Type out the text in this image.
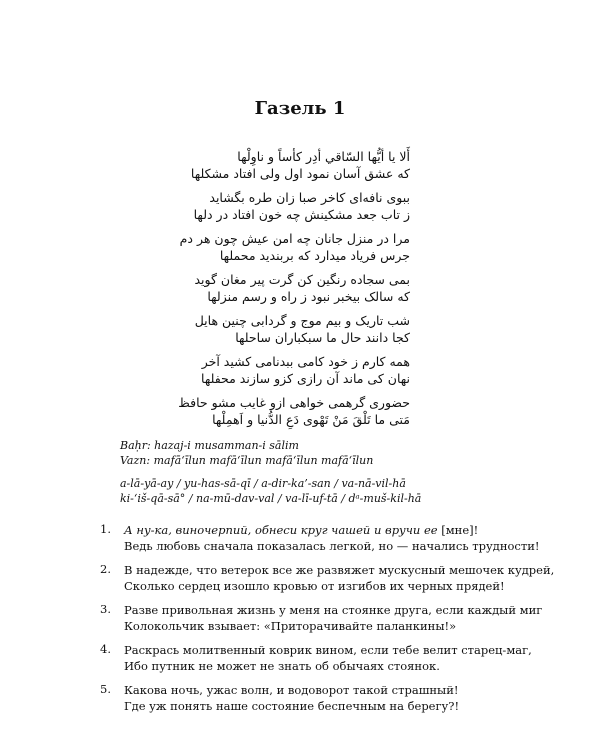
Газель 1
أَلا يا أيُّها السّاقي أدِر كأساً و ناوِلْها
كه عشق آسان نمود اول ولی افتاد مشکلها
ببوی نافه‌ای کاخر صبا زان طره بگشاید
ز تاب جعد مشکینش چه خون افتاد در دلها
مرا در منزل جانان چه امن عیش چون هر دم
جرس فریاد میدارد که بربندید محملها
بمی سجاده رنگین کن گرت پیر مغان گوید
که سالک بیخبر نبود ز راه و رسم منزلها
شب تاریک و بیم موج و گردابی چنین هایل
کجا دانند حال ما سبکباران ساحلها
همه کارم ز خود کامی ببدنامی کشید آخر
نهان کی ماند آن رازی کزو سازند محفلها
حضوری گرهمی خواهی ازو غایب مشو حافظ
مَتی ما تَلْقَ مَنْ تَهْوی دَعِ الدُّنیا و اَهمِلْها
Baḥr: hazaj-i musamman-i sālim
Vazn: mafā‘īlun mafā‘īlun mafā‘īlun mafā‘īlun
a-lā-yā-ay / yu-has-sā-qī / a-dir-ka’-san / va-nā-vil-hā
ki-‘iš-qā-sā° / na-mū-dav-val / va-lī-uf-tā / dᵃ-muš-kil-hā
1.	А ну-ка, виночерпий, обнеси круг чашей и вручи ее [мне]!
Ведь любовь сначала показалась легкой, но — начались трудности!
2.	В надежде, что ветерок все же развяжет мускусный мешочек кудрей,
Сколько сердец изошло кровью от изгибов их черных прядей!
3.	Разве привольная жизнь у меня на стоянке друга, если каждый миг
Колокольчик взывает: «Приторачивайте паланкины!»
4.	Раскрась молитвенный коврик вином, если тебе велит старец-маг,
Ибо путник не может не знать об обычаях стоянок.
5.	Какова ночь, ужас волн, и водоворот такой страшный!
Где уж понять наше состояние беспечным на берегу?!
